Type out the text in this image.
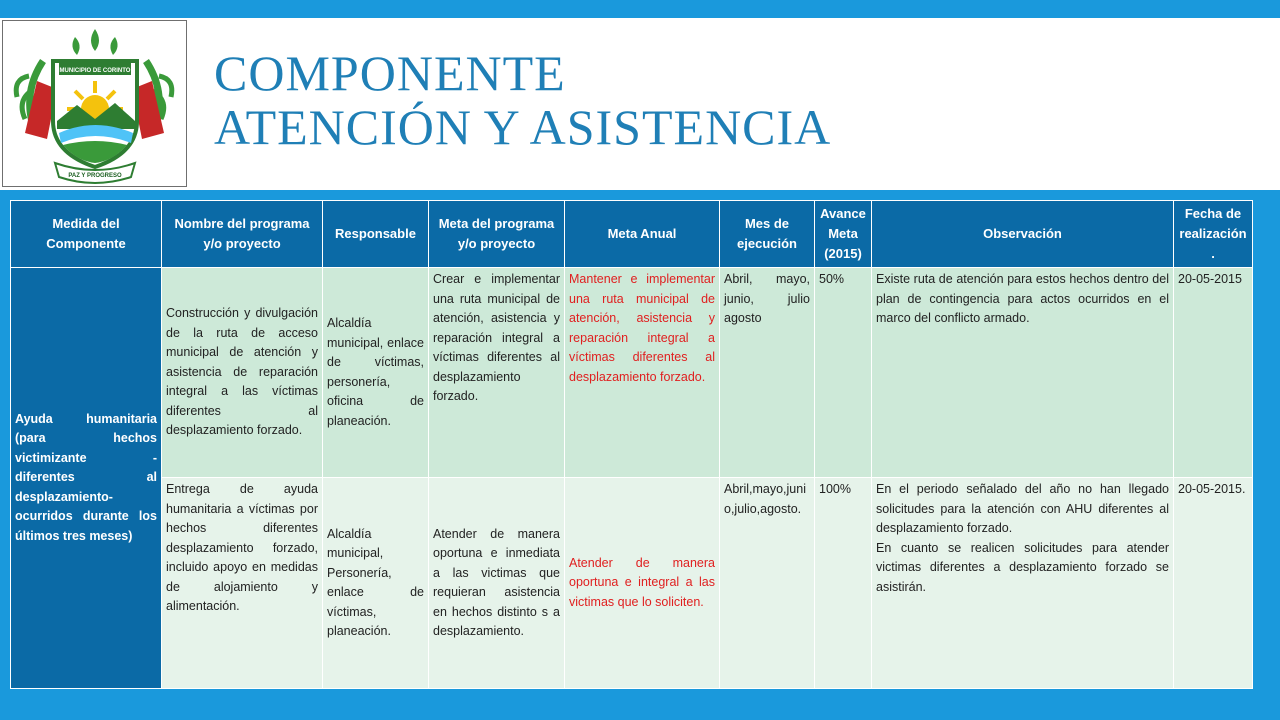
MUNICIPIO DE CORINTO
PAZ Y PROGRESO
COMPONENTE
ATENCIÓN Y ASISTENCIA
Medida del Componente	Nombre del programa y/o proyecto	Responsable	Meta del programa y/o proyecto	Meta Anual	Mes de ejecución	Avance Meta (2015)	Observación	Fecha de realización .
Ayuda humanitaria (para hechos victimizante - diferentes al desplazamiento- ocurridos durante los últimos tres meses)	Construcción y divulgación de la ruta de acceso municipal de atención y asistencia de reparación integral a las víctimas diferentes al desplazamiento forzado.	Alcaldía municipal, enlace de víctimas, personería, oficina de planeación.	Crear e implementar una ruta municipal de atención, asistencia y reparación integral a víctimas diferentes al desplazamiento forzado.	Mantener e implementar una ruta municipal de atención, asistencia y reparación integral a víctimas diferentes al desplazamiento forzado.	Abril, mayo, junio, julio agosto	50%	Existe ruta de atención para estos hechos dentro del plan de contingencia para actos ocurridos en el marco del conflicto armado.	20-05-2015
	Entrega de ayuda humanitaria a víctimas por hechos diferentes desplazamiento forzado, incluido apoyo en medidas de alojamiento y alimentación.	Alcaldía municipal, Personería, enlace de víctimas, planeación.	Atender de manera oportuna e inmediata a las victimas que requieran asistencia en hechos distinto s a desplazamiento.	Atender de manera oportuna e integral a las victimas que lo soliciten.	Abril,mayo,junio,julio,agosto.	100%	En el periodo señalado del año no han llegado solicitudes para la atención con AHU diferentes al desplazamiento forzado.
En cuanto se realicen solicitudes para atender victimas diferentes a desplazamiento forzado se asistirán.	20-05-2015.
